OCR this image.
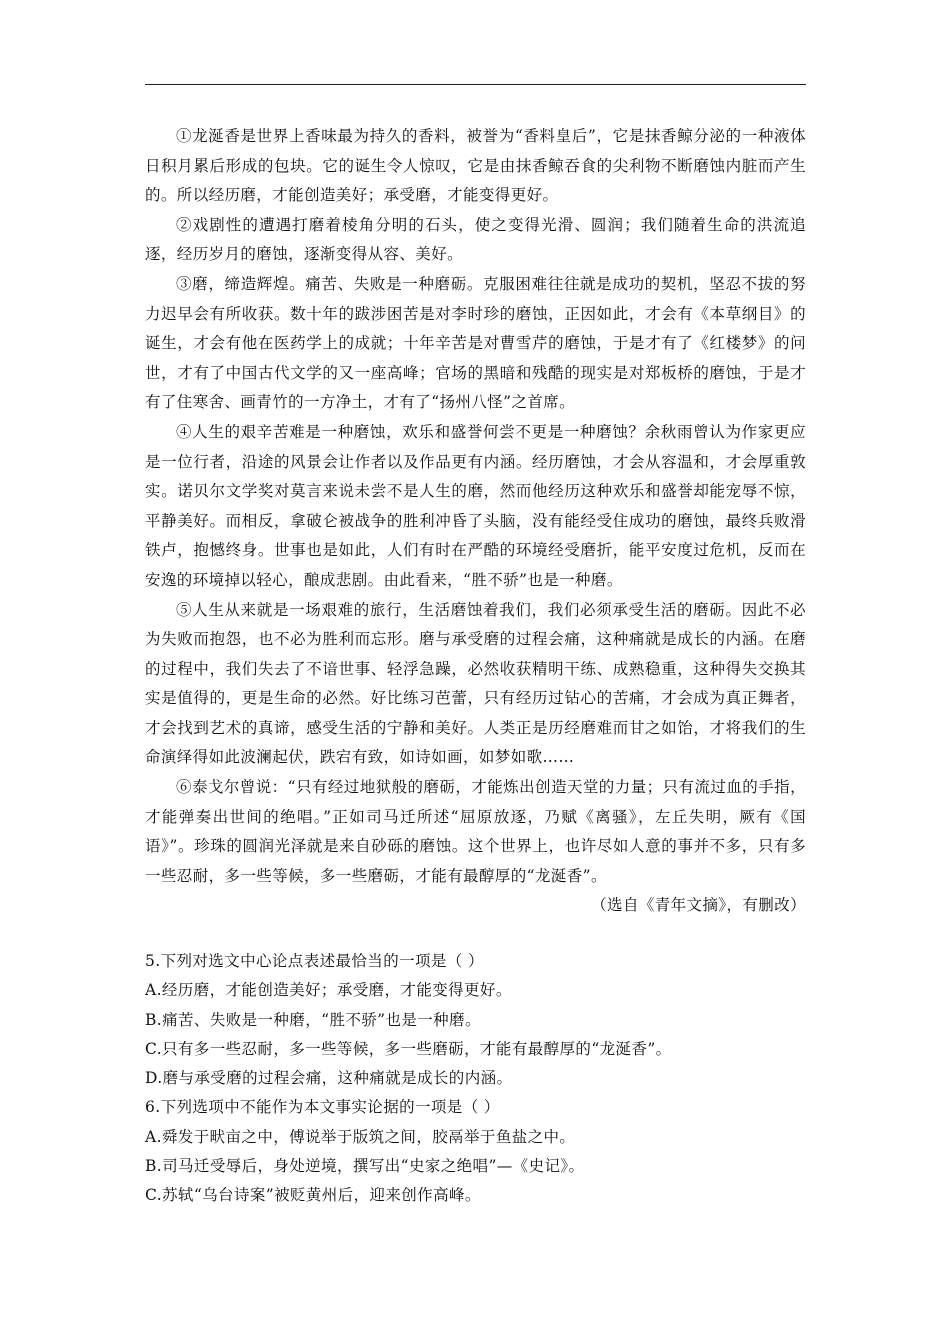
①龙涎香是世界上香味最为持久的香料，被誉为“香料皇后”，它是抹香鲸分泌的一种液体日积月累后形成的包块。它的诞生令人惊叹，它是由抹香鲸吞食的尖利物不断磨蚀内脏而产生的。所以经历磨，才能创造美好；承受磨，才能变得更好。

②戏剧性的遭遇打磨着棱角分明的石头，使之变得光滑、圆润；我们随着生命的洪流追逐，经历岁月的磨蚀，逐渐变得从容、美好。

③磨，缔造辉煌。痛苦、失败是一种磨砺。克服困难往往就是成功的契机，坚忍不拔的努力迟早会有所收获。数十年的跋涉困苦是对李时珍的磨蚀，正因如此，才会有《本草纲目》的诞生，才会有他在医药学上的成就；十年辛苦是对曹雪芹的磨蚀，于是才有了《红楼梦》的问世，才有了中国古代文学的又一座高峰；官场的黑暗和残酷的现实是对郑板桥的磨蚀，于是才有了住寒舍、画青竹的一方净土，才有了“扬州八怪”之首席。

④人生的艰辛苦难是一种磨蚀，欢乐和盛誉何尝不更是一种磨蚀？余秋雨曾认为作家更应是一位行者，沿途的风景会让作者以及作品更有内涵。经历磨蚀，才会从容温和，才会厚重敦实。诺贝尔文学奖对莫言来说未尝不是人生的磨，然而他经历这种欢乐和盛誉却能宠辱不惊，平静美好。而相反，拿破仑被战争的胜利冲昏了头脑，没有能经受住成功的磨蚀，最终兵败滑铁卢，抱憾终身。世事也是如此，人们有时在严酷的环境经受磨折，能平安度过危机，反而在安逸的环境掉以轻心，酿成悲剧。由此看来，“胜不骄”也是一种磨。

⑤人生从来就是一场艰难的旅行，生活磨蚀着我们，我们必须承受生活的磨砺。因此不必为失败而抱怨，也不必为胜利而忘形。磨与承受磨的过程会痛，这种痛就是成长的内涵。在磨的过程中，我们失去了不谙世事、轻浮急躁，必然收获精明干练、成熟稳重，这种得失交换其实是值得的，更是生命的必然。好比练习芭蕾，只有经历过钻心的苦痛，才会成为真正舞者，才会找到艺术的真谛，感受生活的宁静和美好。人类正是历经磨难而甘之如饴，才将我们的生命演绎得如此波澜起伏，跌宕有致，如诗如画，如梦如歌……

⑥泰戈尔曾说：“只有经过地狱般的磨砺，才能炼出创造天堂的力量；只有流过血的手指，才能弹奏出世间的绝唱。”正如司马迁所述“屈原放逐，乃赋《离骚》，左丘失明，厥有《国语》”。珍珠的圆润光泽就是来自砂砾的磨蚀。这个世界上，也许尽如人意的事并不多，只有多一些忍耐，多一些等候，多一些磨砺，才能有最醇厚的“龙涎香”。

（选自《青年文摘》，有删改）

5.下列对选文中心论点表述最恰当的一项是（ ）

A.经历磨，才能创造美好；承受磨，才能变得更好。

B.痛苦、失败是一种磨，“胜不骄”也是一种磨。

C.只有多一些忍耐，多一些等候，多一些磨砺，才能有最醇厚的“龙涎香”。

D.磨与承受磨的过程会痛，这种痛就是成长的内涵。

6.下列选项中不能作为本文事实论据的一项是（ ）

A.舜发于畎亩之中，傅说举于版筑之间，胶鬲举于鱼盐之中。

B.司马迁受辱后，身处逆境，撰写出“史家之绝唱”—《史记》。

C.苏轼“乌台诗案”被贬黄州后，迎来创作高峰。
